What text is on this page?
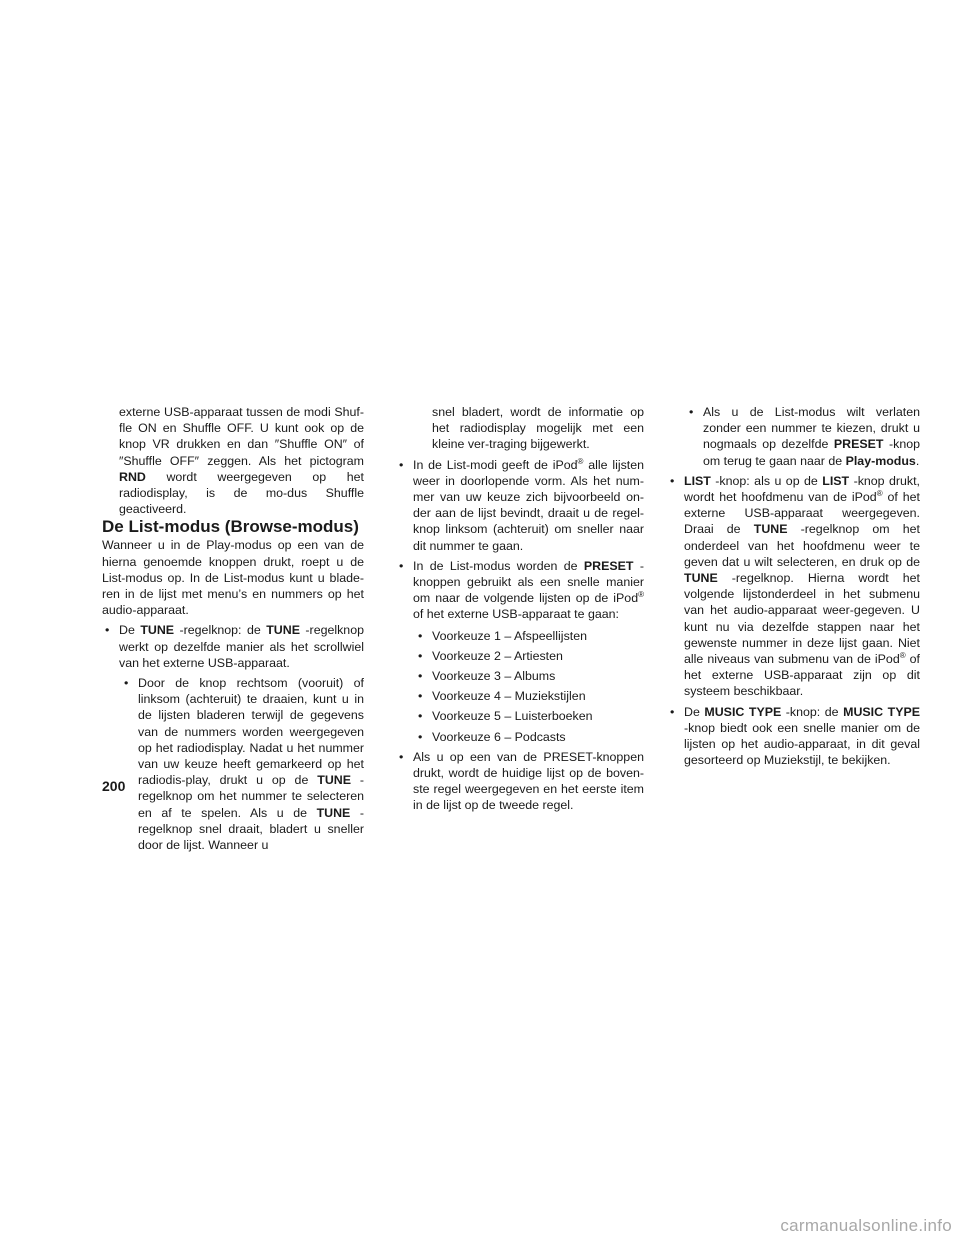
externe USB-apparaat tussen de modi Shuf-fle ON en Shuffle OFF. U kunt ook op de knop VR drukken en dan ″Shuffle ON″ of ″Shuffle OFF″ zeggen. Als het pictogram RND wordt weergegeven op het radiodisplay, is de mo-dus Shuffle geactiveerd.

De List-modus (Browse-modus)

Wanneer u in de Play-modus op een van de hierna genoemde knoppen drukt, roept u de List-modus op. In de List-modus kunt u blade-ren in de lijst met menu’s en nummers op het audio-apparaat.

• De TUNE -regelknop: de TUNE -regelknop werkt op dezelfde manier als het scrollwiel van het externe USB-apparaat.

• Door de knop rechtsom (vooruit) of linksom (achteruit) te draaien, kunt u in de lijsten bladeren terwijl de gegevens van de nummers worden weergegeven op het radiodisplay. Nadat u het nummer van uw keuze heeft gemarkeerd op het radiodis-play, drukt u op de TUNE -regelknop om het nummer te selecteren en af te spelen. Als u de TUNE -regelknop snel draait, bladert u sneller door de lijst. Wanneer u

snel bladert, wordt de informatie op het radiodisplay mogelijk met een kleine ver-traging bijgewerkt.

• In de List-modi geeft de iPod® alle lijsten weer in doorlopende vorm. Als het num-mer van uw keuze zich bijvoorbeeld on-der aan de lijst bevindt, draait u de regel-knop linksom (achteruit) om sneller naar dit nummer te gaan.

• In de List-modus worden de PRESET -knoppen gebruikt als een snelle manier om naar de volgende lijsten op de iPod® of het externe USB-apparaat te gaan:

• Voorkeuze 1 – Afspeellijsten

• Voorkeuze 2 – Artiesten

• Voorkeuze 3 – Albums

• Voorkeuze 4 – Muziekstijlen

• Voorkeuze 5 – Luisterboeken

• Voorkeuze 6 – Podcasts

• Als u op een van de PRESET-knoppen drukt, wordt de huidige lijst op de boven-ste regel weergegeven en het eerste item in de lijst op de tweede regel.

• Als u de List-modus wilt verlaten zonder een nummer te kiezen, drukt u nogmaals op dezelfde PRESET -knop om terug te gaan naar de Play-modus.

• LIST -knop: als u op de LIST -knop drukt, wordt het hoofdmenu van de iPod® of het externe USB-apparaat weergegeven. Draai de TUNE -regelknop om het onderdeel van het hoofdmenu weer te geven dat u wilt selecteren, en druk op de TUNE -regelknop. Hierna wordt het volgende lijstonderdeel in het submenu van het audio-apparaat weer-gegeven. U kunt nu via dezelfde stappen naar het gewenste nummer in deze lijst gaan. Niet alle niveaus van submenu van de iPod® of het externe USB-apparaat zijn op dit systeem beschikbaar.

• De MUSIC TYPE -knop: de MUSIC TYPE -knop biedt ook een snelle manier om de lijsten op het audio-apparaat, in dit geval gesorteerd op Muziekstijl, te bekijken.

200
carmanualsonline.info
